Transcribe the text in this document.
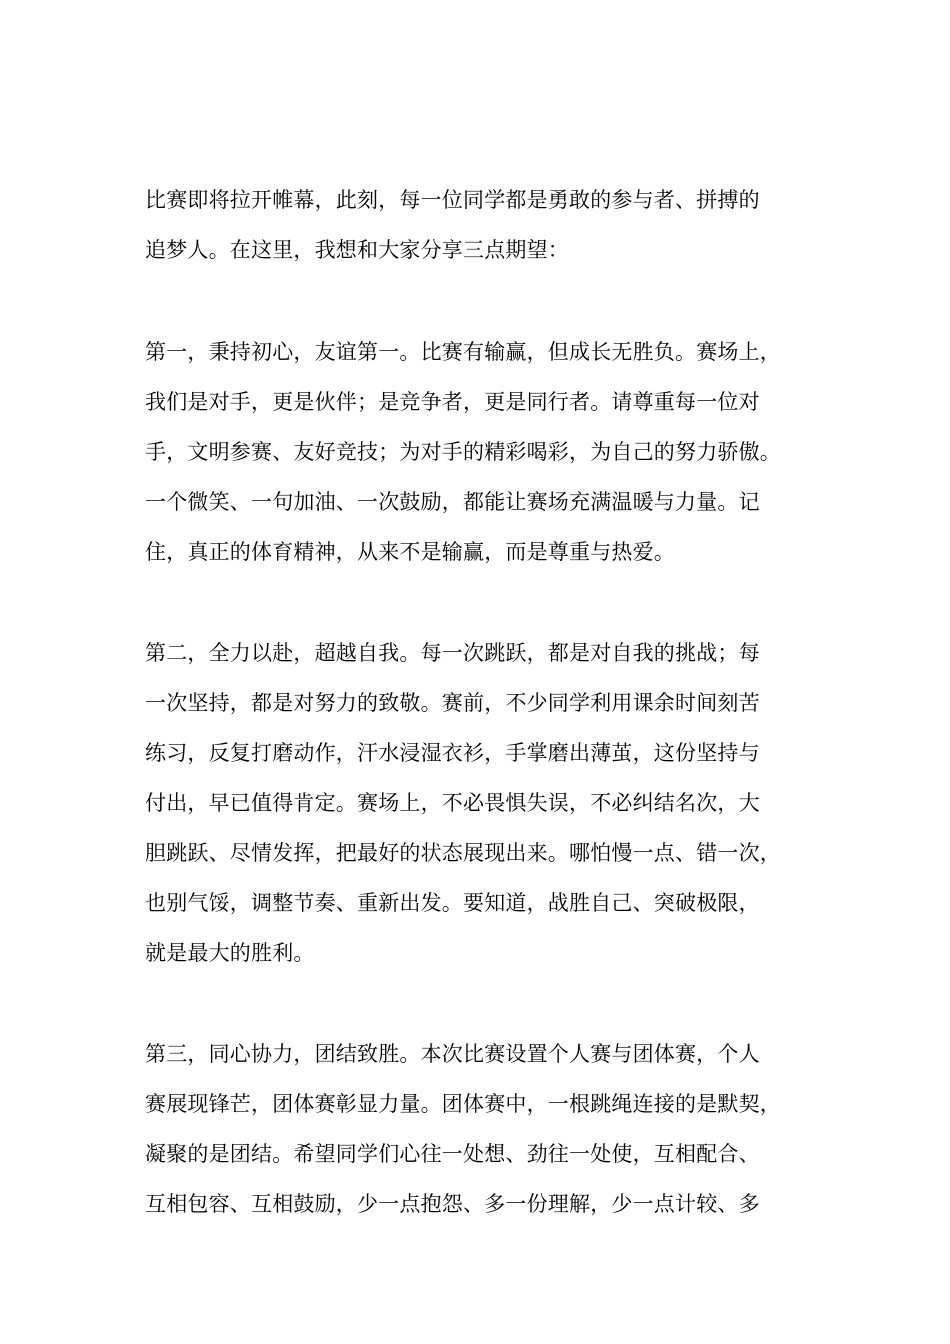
比赛即将拉开帷幕，此刻，每一位同学都是勇敢的参与者、拼搏的
追梦人。在这里，我想和大家分享三点期望：
第一，秉持初心，友谊第一。比赛有输赢，但成长无胜负。赛场上，
我们是对手，更是伙伴；是竞争者，更是同行者。请尊重每一位对
手，文明参赛、友好竞技；为对手的精彩喝彩，为自己的努力骄傲。
一个微笑、一句加油、一次鼓励，都能让赛场充满温暖与力量。记
住，真正的体育精神，从来不是输赢，而是尊重与热爱。
第二，全力以赴，超越自我。每一次跳跃，都是对自我的挑战；每
一次坚持，都是对努力的致敬。赛前，不少同学利用课余时间刻苦
练习，反复打磨动作，汗水浸湿衣衫，手掌磨出薄茧，这份坚持与
付出，早已值得肯定。赛场上，不必畏惧失误，不必纠结名次，大
胆跳跃、尽情发挥，把最好的状态展现出来。哪怕慢一点、错一次，
也别气馁，调整节奏、重新出发。要知道，战胜自己、突破极限，
就是最大的胜利。
第三，同心协力，团结致胜。本次比赛设置个人赛与团体赛，个人
赛展现锋芒，团体赛彰显力量。团体赛中，一根跳绳连接的是默契，
凝聚的是团结。希望同学们心往一处想、劲往一处使，互相配合、
互相包容、互相鼓励，少一点抱怨、多一份理解，少一点计较、多
